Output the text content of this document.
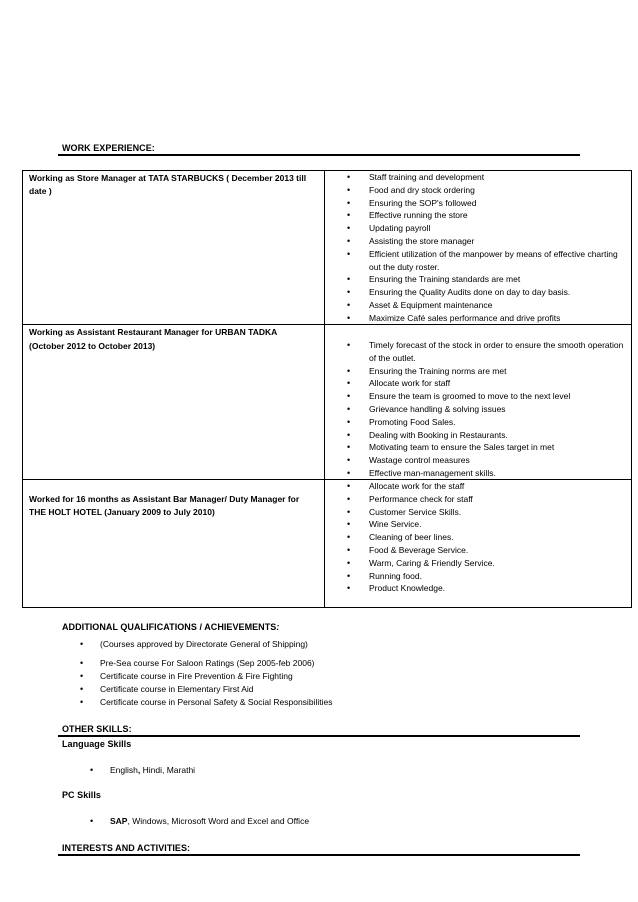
WORK EXPERIENCE:
Working as Store Manager at TATA STARBUCKS ( December 2013 till date )
• Staff training and development
• Food and dry stock ordering
• Ensuring the SOP's followed
• Effective running the store
• Updating payroll
• Assisting the store manager
• Efficient utilization of the manpower by means of effective charting out the duty roster.
• Ensuring the Training standards are met
• Ensuring the Quality Audits done on day to day basis.
• Asset & Equipment maintenance
• Maximize Café sales performance and drive profits
Working as Assistant Restaurant Manager for URBAN TADKA
(October 2012 to October 2013)
•	Timely forecast of the stock in order to ensure the smooth operation of the outlet.
• Ensuring the Training norms are met
• Allocate work for staff
• Ensure the team is groomed to move to the next level
• Grievance handling & solving issues
• Promoting Food Sales.
• Dealing with Booking in Restaurants.
• Motivating team to ensure the Sales target in met
• Wastage control measures
• Effective man-management skills.
Worked for 16 months as Assistant Bar Manager/ Duty Manager for THE HOLT HOTEL (January 2009 to July 2010)
• Allocate work for the staff
• Performance check for staff
• Customer Service Skills.
• Wine Service.
• Cleaning of beer lines.
• Food & Beverage Service.
• Warm, Caring & Friendly Service.
• Running food.
• Product Knowledge.
ADDITIONAL QUALIFICATIONS / ACHIEVEMENTS:
• (Courses approved by Directorate General of Shipping)
• Pre-Sea course For Saloon Ratings (Sep 2005-feb 2006)
• Certificate course in Fire Prevention & Fire Fighting
• Certificate course in Elementary First Aid
• Certificate course in Personal Safety & Social Responsibilities
OTHER SKILLS:
Language Skills
• English, Hindi, Marathi
PC Skills
• SAP, Windows, Microsoft Word and Excel and Office
INTERESTS AND ACTIVITIES:
